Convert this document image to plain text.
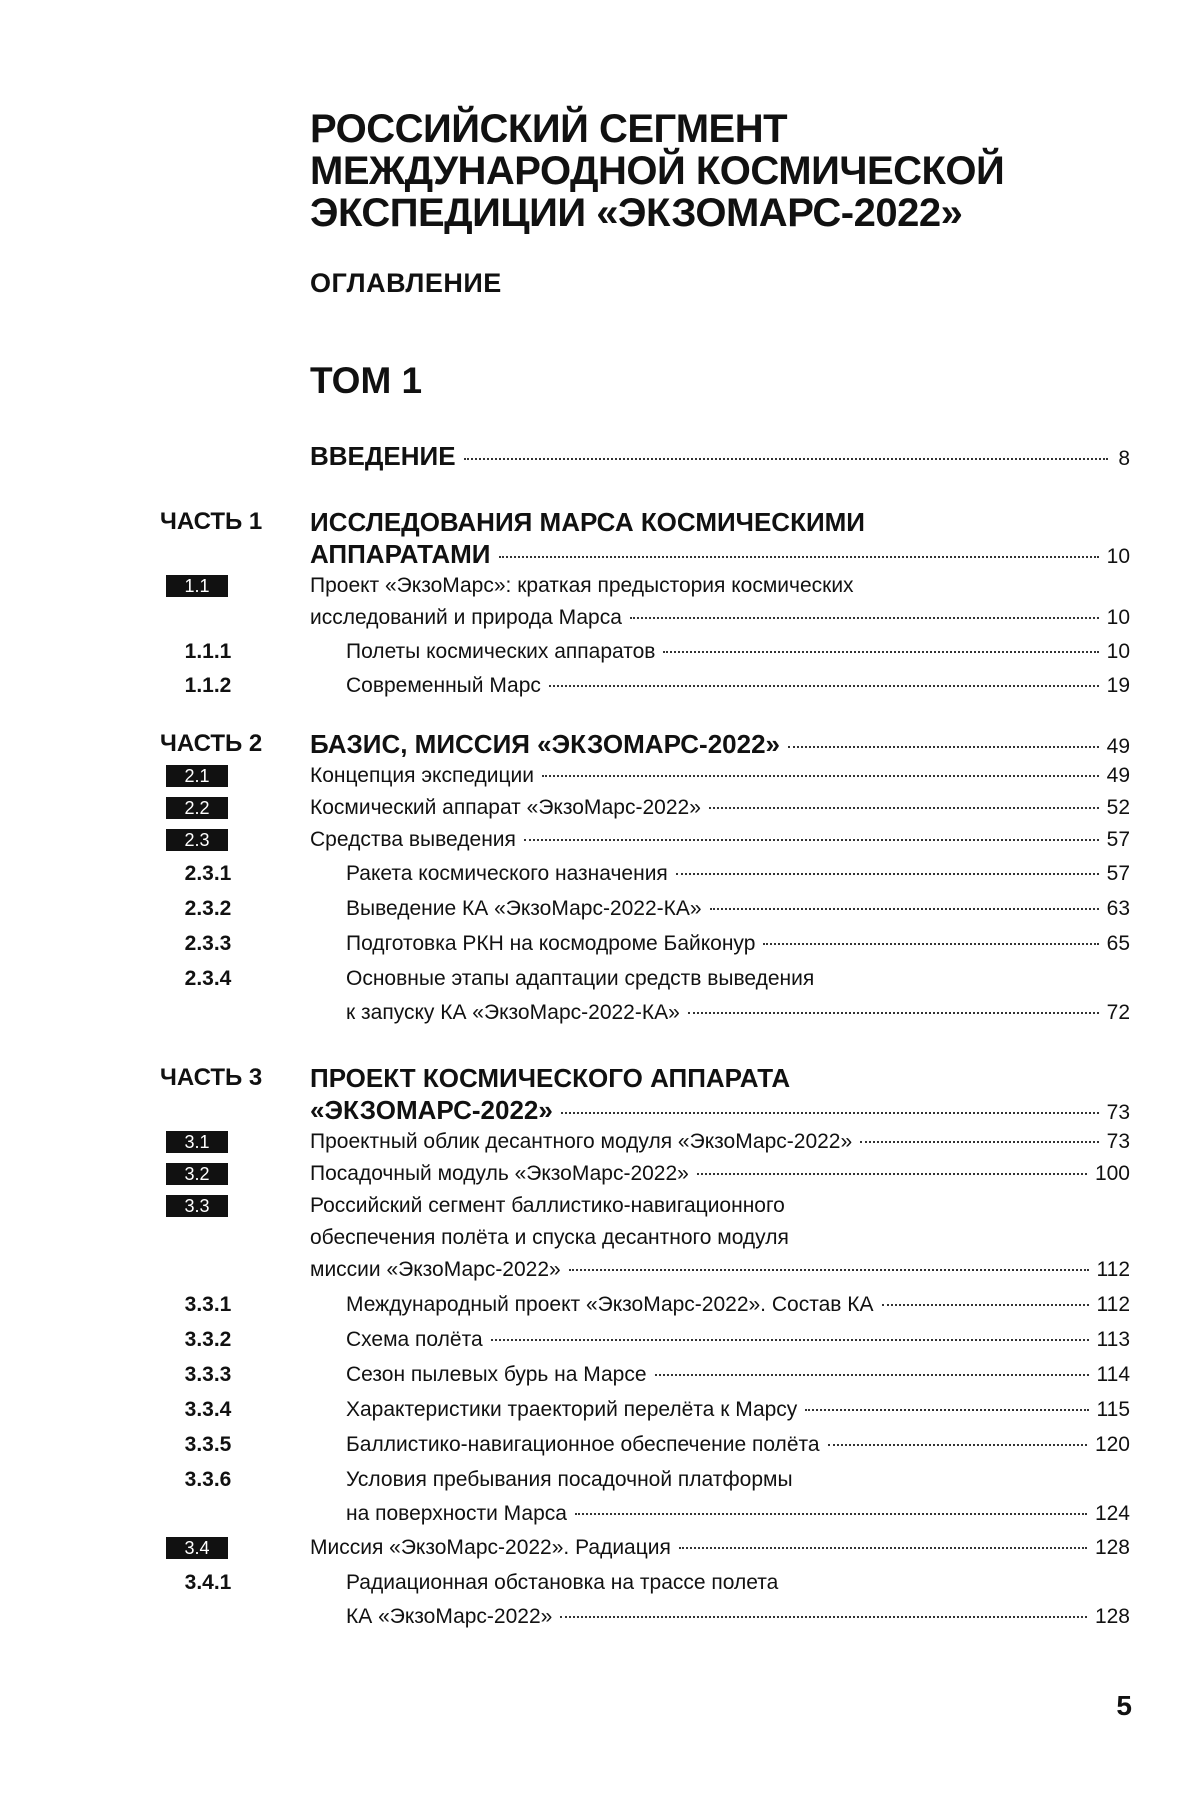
РОССИЙСКИЙ СЕГМЕНТ
МЕЖДУНАРОДНОЙ КОСМИЧЕСКОЙ
ЭКСПЕДИЦИИ «ЭКЗОМАРС-2022»
ОГЛАВЛЕНИЕ
ТОМ 1
ВВЕДЕНИЕ	8
ЧАСТЬ 1 ИССЛЕДОВАНИЯ МАРСА КОСМИЧЕСКИМИ
АППАРАТАМИ	10
1.1	Проект «ЭкзоМарс»: краткая предыстория космических
исследований и природа Марса	10
1.1.1	Полеты космических аппаратов	10
1.1.2	Современный Марс	19
ЧАСТЬ 2 БАЗИС, МИССИЯ «ЭКЗОМАРС-2022»	49
2.1	Концепция экспедиции	49
2.2	Космический аппарат «ЭкзоМарс-2022»	52
2.3	Средства выведения	57
2.3.1	Ракета космического назначения	57
2.3.2	Выведение КА «ЭкзоМарс-2022-КА»	63
2.3.3	Подготовка РКН на космодроме Байконур	65
2.3.4	Основные этапы адаптации средств выведения
к запуску КА «ЭкзоМарс-2022-КА»	72
ЧАСТЬ 3 ПРОЕКТ КОСМИЧЕСКОГО АППАРАТА
«ЭКЗОМАРС-2022»	73
3.1	Проектный облик десантного модуля «ЭкзоМарс-2022»	73
3.2	Посадочный модуль «ЭкзоМарс-2022»	100
3.3	Российский сегмент баллистико-навигационного
обеспечения полёта и спуска десантного модуля
миссии «ЭкзоМарс-2022»	112
3.3.1	Международный проект «ЭкзоМарс-2022». Состав КА	112
3.3.2	Схема полёта	113
3.3.3	Сезон пылевых бурь на Марсе	114
3.3.4	Характеристики траекторий перелёта к Марсу	115
3.3.5	Баллистико-навигационное обеспечение полёта	120
3.3.6	Условия пребывания посадочной платформы
на поверхности Марса	124
3.4	Миссия «ЭкзоМарс-2022». Радиация	128
3.4.1	Радиационная обстановка на трассе полета
КА «ЭкзоМарс-2022»	128
5
